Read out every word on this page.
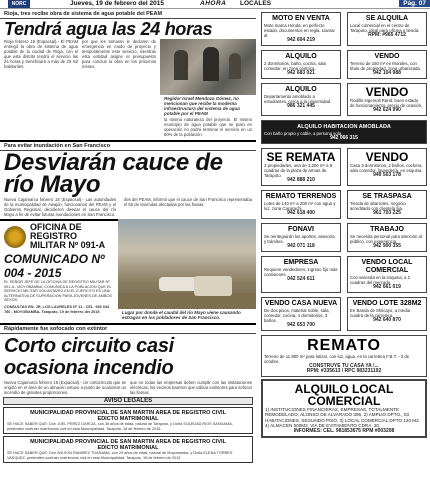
NORC	Jueves, 19 de febrero del 2015	AHORA LOCALES	Pág. 07
Rioja, tres recibe obra de sistema de agua potable del PEAM
Tendrá agua las 24 horas
Rioja febrero 18 (Expacsal).- El PEAM entregó la obra de sistema de agua potable de la ciudad de Rioja, con el que este distrito tendrá el servicio las 24 horas y beneficiará a más de 20 mil habitantes.
por que les tomaran le declaren de emergencia en modo de proyecto y temporalmente este servicio, mientras esta entidad asigne el presupuesto para concluir la obra en los próximos meses.
Regidor Israel Mendoza Gómez, no mencionan que recibe la moderna infraestructura del sistema de agua potable por el PEAM
la misma naturaleza del proyecto. El mismo municipio de agua potable que se puso en operación no podrá terminar el servicio en un 80% de la población.
Para evitar inundación en San Francisco
Desviarán cauce de río Mayo
Nueva Cajamarca febrero 18 (Expacsal).- Las autoridades de la municipalidad de Awajún, funcionarios del PEAM y el Gobierno Regional, decidieron desviar el cauce del río Mayo a fin de evitar futuras inundaciones en San Francisco.
des del PEAM, informó que el cauce de San Francisco representaba el 50 de viviendas afectadas por las lluvias.
OFICINA DE REGISTRO MILITAR Nº 091-A
COMUNICADO Nº 004 - 2015
EL SEÑOR JEFE DE LA OFICINA DE REGISTRO MILITAR Nº 091-A - MOYOBAMBA, COMUNICA A LA POBLACION QUE EL SERVICIO MILITAR VOLUNTARIO EN EL EJERCITO ES UNA ALTERNATIVA DE SUPERACION PARA JOVENES DE AMBOS SEXOS.
CONSULTAS EN: JR. LOS LAURELES Nº 11 - CEL. 949 044 780 - MOYOBAMBA. Tarapoto, 19 de febrero del 2015	Lugar por donde el caudal del río Mayo viene causando estragos en los pobladores de San Francisco.
Rápidamente fue sofocado con extintor
Corto circuito casi ocasiona incendio
Nueva Cajamarca febrero 18 (Expacsal).- Un cortocircuito que se originó en el área de un almacén estuvo a punto de ocasionar un incendio de grandes proporciones.
que no todas las empresas deben cumplir con las instalaciones eléctricas, los vecinos tuvieron que utilizar extintores para sofocar las llamas.
AVISO LEGALES
MUNICIPALIDAD PROVINCIAL DE SAN MARTIN AREA DE REGISTRO CIVIL
EDICTO MATRIMONIAL
SE HACE SABER QUE: Don JOEL PEREZ GARCIA, con 36 años de edad, natural de Tarapoto, y Doña SOLEDAD RIOS SANGAMA, pretenden contraer matrimonio civil en esta Municipalidad. Tarapoto, 18 de febrero de 2015
MUNICIPALIDAD PROVINCIAL DE SAN MARTIN AREA DE REGISTRO CIVIL
EDICTO MATRIMONIAL
SE HACE SABER QUE: Don WILSON RAMIREZ TUANAMA, con 29 años de edad, natural de Moyobamba, y Doña ELENA TORRES VASQUEZ, pretenden contraer matrimonio civil en esta Municipalidad. Tarapoto, 18 de febrero de 2015
MOTO EN VENTA
Moto marca Honda, en perfecto estado, documentos en regla. Llamar al
942 604 219
SE ALQUILA
Local comercial en el centro de Tarapoto, ideal para oficina o tienda.
RPM: #965 4712
ALQUILO
2 dormitorios, baño, cocina, sala comedor, en zona céntrica.
942 683 021
VENDO
Terreno de 160 m² en Morales, con título de propiedad, zona urbanizada.
942 104 988
ALQUILO
Departamento amoblado a estudiantes, cerca a la universidad.
986 321 445
VENDO
Rodillo Ingersoll Rand, buen estado de funcionamiento, precio de ocasión.
942 624 990
ALQUILO HABITACION AMOBLADA
Con baño propio y cable, a persona sola.
942 066 315
SE REMATA
2 propiedades, una de 3,200 m² a 8 cuadras de la plaza de armas de Tarapoto.
942 888 210
VENDO
Casa 3 dormitorios, 2 baños, cochera, sala comedor, lavandería, en esquina.
949 503 178
REMATO TERRENOS
Lotes de 140 m² a 200 m² con agua y luz, zona Cacatachi.
942 618 400
SE TRASPASA
Tienda de abarrotes, negocio acreditado con clientela fija.
961 703 225
FONAVI
Se reintegrarán los aportes, asesoría y trámites.
942 071 118
TRABAJO
Se necesita personal para atención al público, con experiencia.
942 900 355
EMPRESA
Requiere vendedores, ingreso fijo más comisiones.
042 524 611
VENDO LOCAL COMERCIAL
Con vivienda en la esquina, a 2 cuadras del mercado.
942 661 019
VENDO CASA NUEVA
De dos pisos, material noble, sala, comedor, cocina, 4 dormitorios, 3 baños.
942 653 700
VENDO LOTE 328M2
En Banda de Shilcayo, a media cuadra de la carretera.
942 640 870
REMATO
Terreno de 11.900 m² para lotizar, con luz, agua, en la carretera F.B.T. - 3 de octubre.
CONSTRUYE TU CASA YA !...
RPM: #335613 / RPC 983231192
ALQUILO LOCAL COMERCIAL
1) INSTITUCIONES FINANCIERAS, EMPRESAS, TOTALMENTE REMODELADO, ALONSO DE ALVARADO 395. 2) AMPLIO DPTO., 03 HABITACIONES, SEGUNDO PISO. 3) LOCAL COMERCIAL DPTO 120 M2. 4) ALMACEN 500M2, VIA DE EVITAMIENTO CDRA. 20
INFORMES: CEL. 981853675 RPM #003208
